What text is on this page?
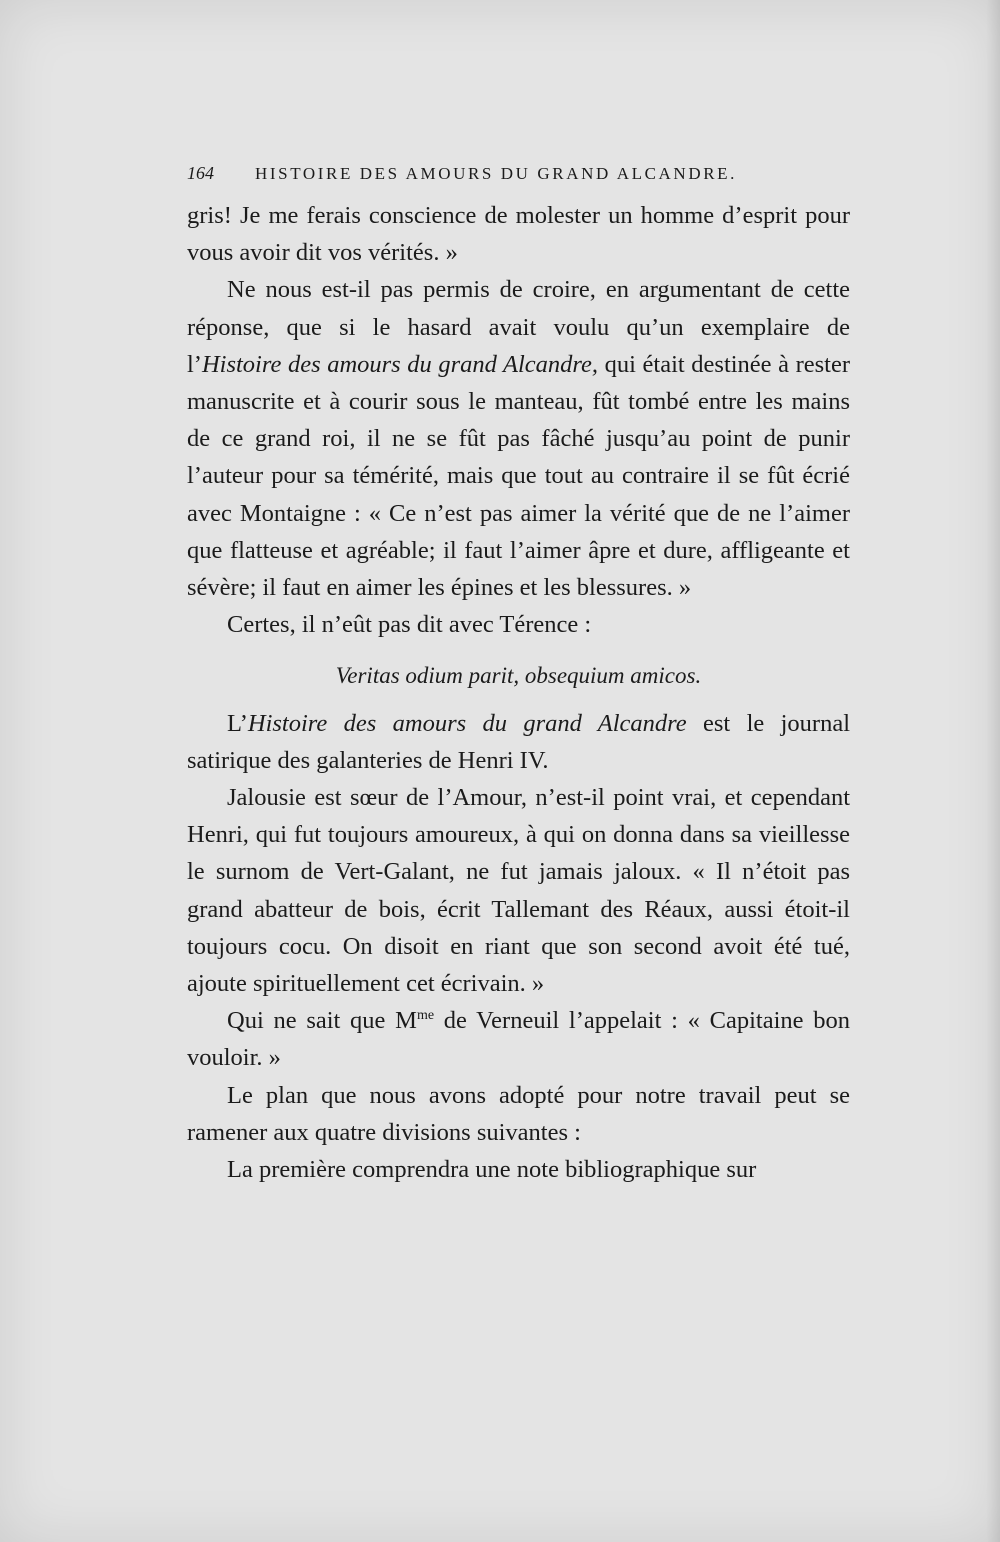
164	HISTOIRE DES AMOURS DU GRAND ALCANDRE.

gris! Je me ferais conscience de molester un homme d’esprit pour vous avoir dit vos vérités. »

Ne nous est-il pas permis de croire, en argumentant de cette réponse, que si le hasard avait voulu qu’un exemplaire de l’Histoire des amours du grand Alcandre, qui était destinée à rester manuscrite et à courir sous le manteau, fût tombé entre les mains de ce grand roi, il ne se fût pas fâché jusqu’au point de punir l’auteur pour sa témérité, mais que tout au contraire il se fût écrié avec Montaigne : « Ce n’est pas aimer la vérité que de ne l’aimer que flatteuse et agréable; il faut l’aimer âpre et dure, affligeante et sévère; il faut en aimer les épines et les blessures. »

Certes, il n’eût pas dit avec Térence :

Veritas odium parit, obsequium amicos.

L’Histoire des amours du grand Alcandre est le journal satirique des galanteries de Henri IV.

Jalousie est sœur de l’Amour, n’est-il point vrai, et cependant Henri, qui fut toujours amoureux, à qui on donna dans sa vieillesse le surnom de Vert-Galant, ne fut jamais jaloux. « Il n’étoit pas grand abatteur de bois, écrit Tallemant des Réaux, aussi étoit-il toujours cocu. On disoit en riant que son second avoit été tué, ajoute spirituellement cet écrivain. »

Qui ne sait que $M^{me}$ de Verneuil l’appelait : « Capitaine bon vouloir. »

Le plan que nous avons adopté pour notre travail peut se ramener aux quatre divisions suivantes :

La première comprendra une note bibliographique sur
